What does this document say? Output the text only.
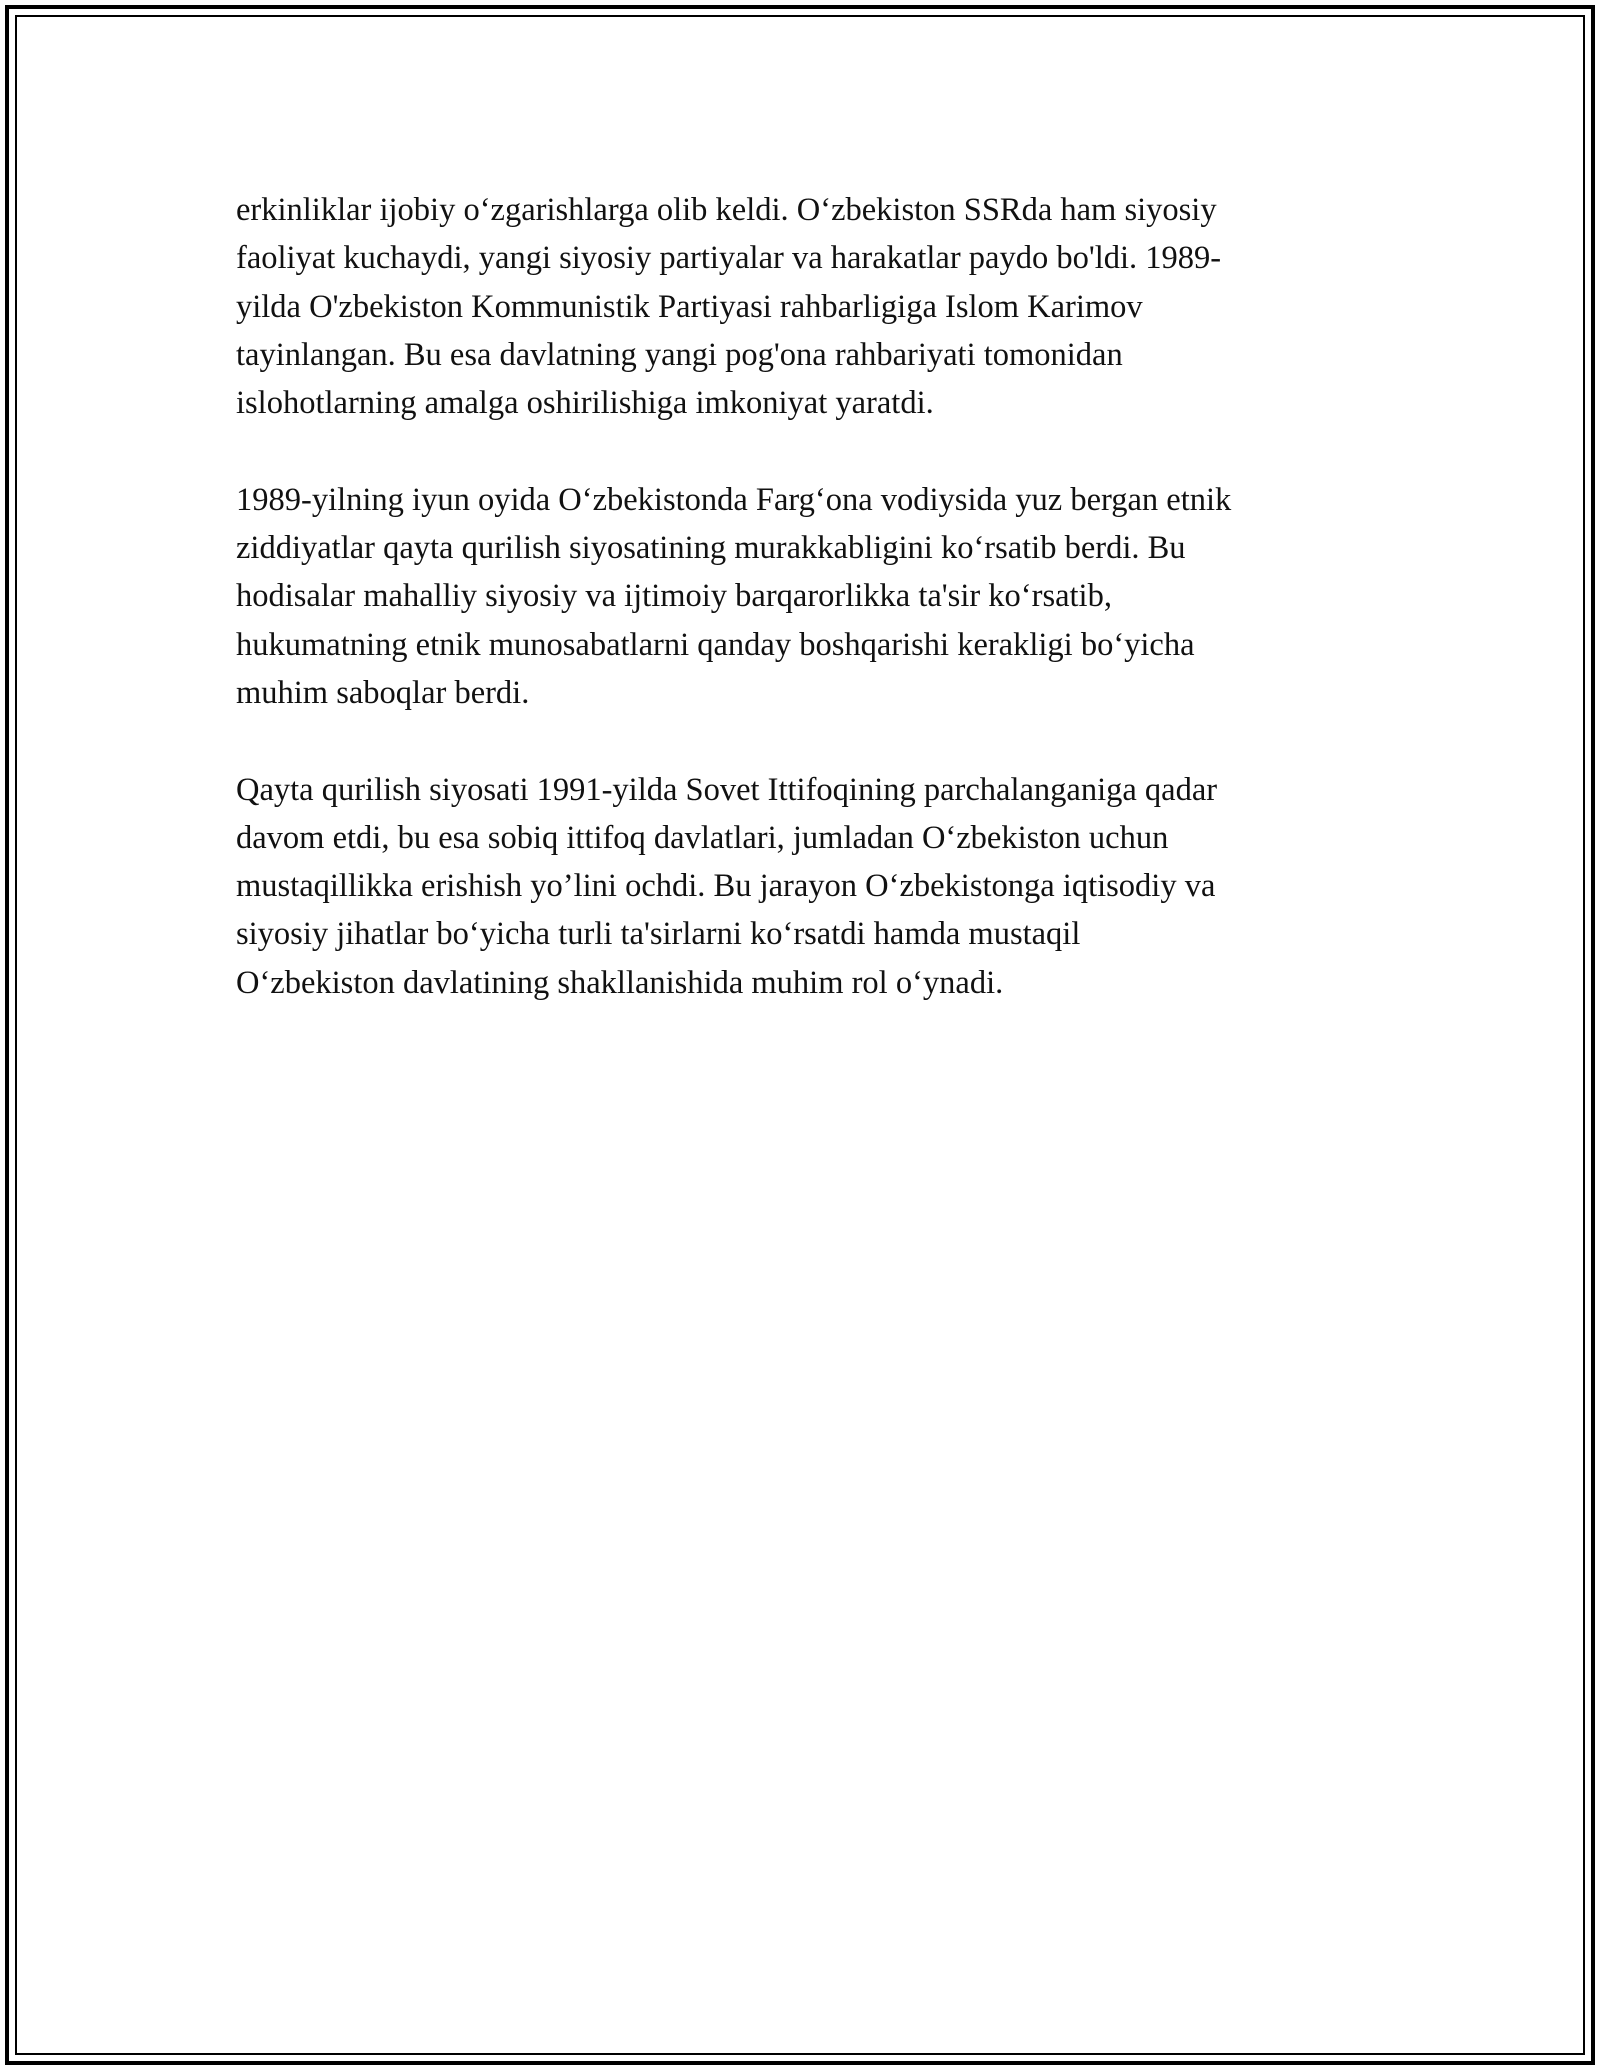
erkinliklar ijobiy o‘zgarishlarga olib keldi. O‘zbekiston SSRda ham siyosiy
faoliyat kuchaydi, yangi siyosiy partiyalar va harakatlar paydo bo'ldi. 1989-
yilda O'zbekiston Kommunistik Partiyasi rahbarligiga Islom Karimov
tayinlangan. Bu esa davlatning yangi pog'ona rahbariyati tomonidan
islohotlarning amalga oshirilishiga imkoniyat yaratdi.

1989-yilning iyun oyida O‘zbekistonda Farg‘ona vodiysida yuz bergan etnik
ziddiyatlar qayta qurilish siyosatining murakkabligini ko‘rsatib berdi. Bu
hodisalar mahalliy siyosiy va ijtimoiy barqarorlikka ta'sir ko‘rsatib,
hukumatning etnik munosabatlarni qanday boshqarishi kerakligi bo‘yicha
muhim saboqlar berdi.

Qayta qurilish siyosati 1991-yilda Sovet Ittifoqining parchalanganiga qadar
davom etdi, bu esa sobiq ittifoq davlatlari, jumladan O‘zbekiston uchun
mustaqillikka erishish yo’lini ochdi. Bu jarayon O‘zbekistonga iqtisodiy va
siyosiy jihatlar bo‘yicha turli ta'sirlarni ko‘rsatdi hamda mustaqil
O‘zbekiston davlatining shakllanishida muhim rol o‘ynadi.
